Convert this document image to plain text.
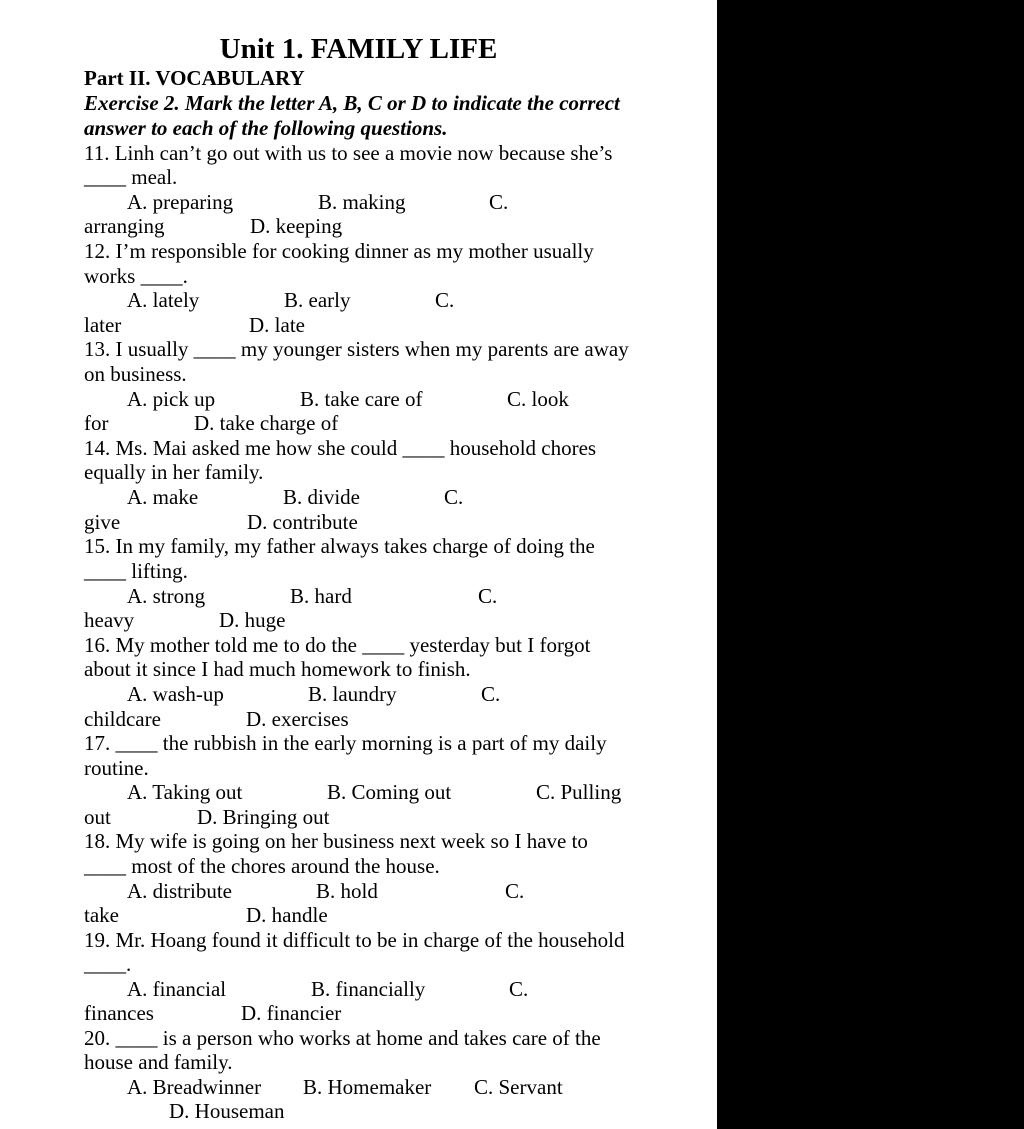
Unit 1. FAMILY LIFE
Part II. VOCABULARY
Exercise 2. Mark the letter A, B, C or D to indicate the correct
answer to each of the following questions.
11. Linh can’t go out with us to see a movie now because she’s
____ meal.
A. preparing	B. making	C.
arranging	D. keeping
12. I’m responsible for cooking dinner as my mother usually
works ____.
A. lately	B. early	C.
later	D. late
13. I usually ____ my younger sisters when my parents are away
on business.
A. pick up	B. take care of	C. look
for	D. take charge of
14. Ms. Mai asked me how she could ____ household chores
equally in her family.
A. make	B. divide	C.
give	D. contribute
15. In my family, my father always takes charge of doing the
____ lifting.
A. strong	B. hard	C.
heavy	D. huge
16. My mother told me to do the ____ yesterday but I forgot
about it since I had much homework to finish.
A. wash-up	B. laundry	C.
childcare	D. exercises
17. ____ the rubbish in the early morning is a part of my daily
routine.
A. Taking out	B. Coming out	C. Pulling
out	D. Bringing out
18. My wife is going on her business next week so I have to
____ most of the chores around the house.
A. distribute	B. hold	C.
take	D. handle
19. Mr. Hoang found it difficult to be in charge of the household
____.
A. financial	B. financially	C.
finances	D. financier
20. ____ is a person who works at home and takes care of the
house and family.
A. Breadwinner B. Homemaker C. Servant
D. Houseman
